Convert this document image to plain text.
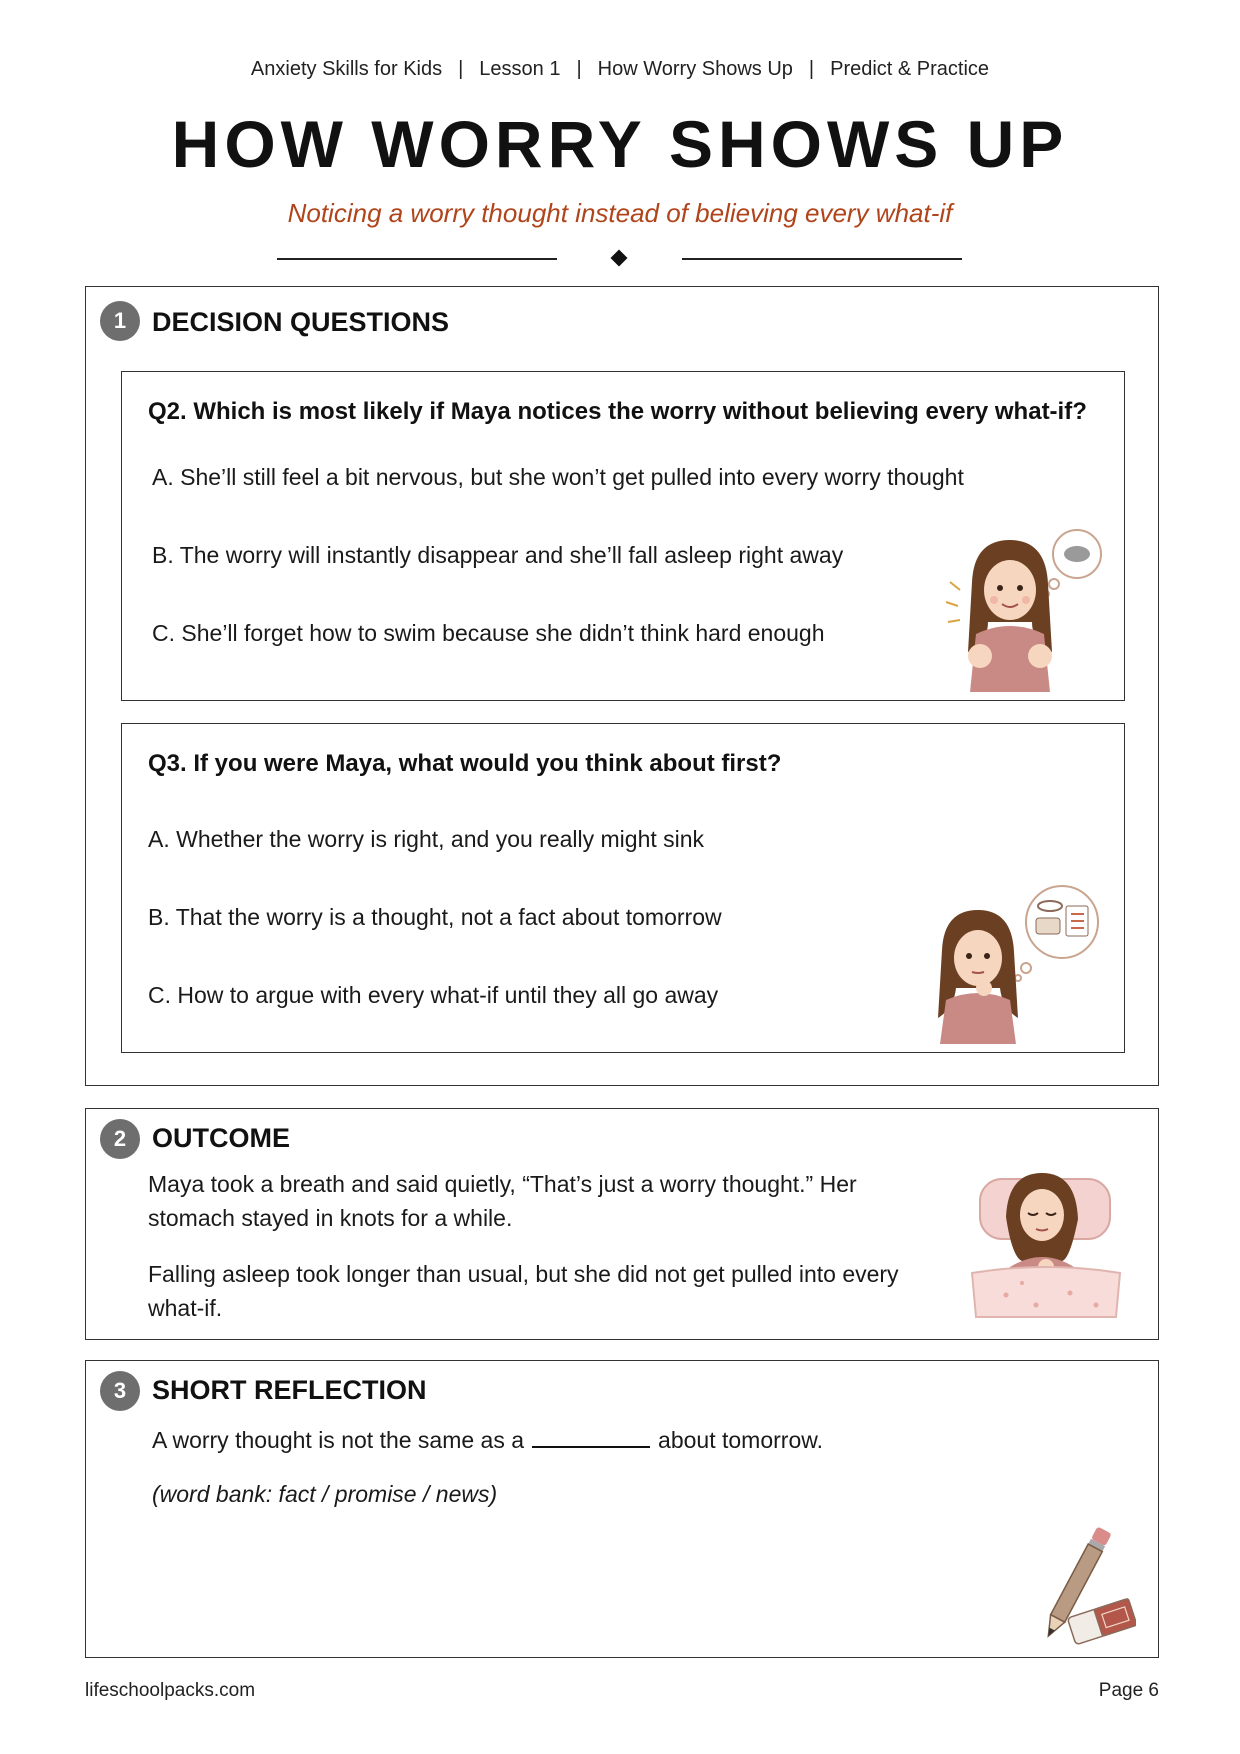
Anxiety Skills for Kids | Lesson 1 | How Worry Shows Up | Predict & Practice
HOW WORRY SHOWS UP
Noticing a worry thought instead of believing every what-if
1 DECISION QUESTIONS
Q2. Which is most likely if Maya notices the worry without believing every what-if?
A. She’ll still feel a bit nervous, but she won’t get pulled into every worry thought
B. The worry will instantly disappear and she’ll fall asleep right away
C. She’ll forget how to swim because she didn’t think hard enough
Q3. If you were Maya, what would you think about first?
A. Whether the worry is right, and you really might sink
B. That the worry is a thought, not a fact about tomorrow
C. How to argue with every what-if until they all go away
2 OUTCOME
Maya took a breath and said quietly, “That’s just a worry thought.” Her stomach stayed in knots for a while.
Falling asleep took longer than usual, but she did not get pulled into every what-if.
3 SHORT REFLECTION
A worry thought is not the same as a	about tomorrow.
(word bank: fact / promise / news)
lifeschoolpacks.com	Page 6
